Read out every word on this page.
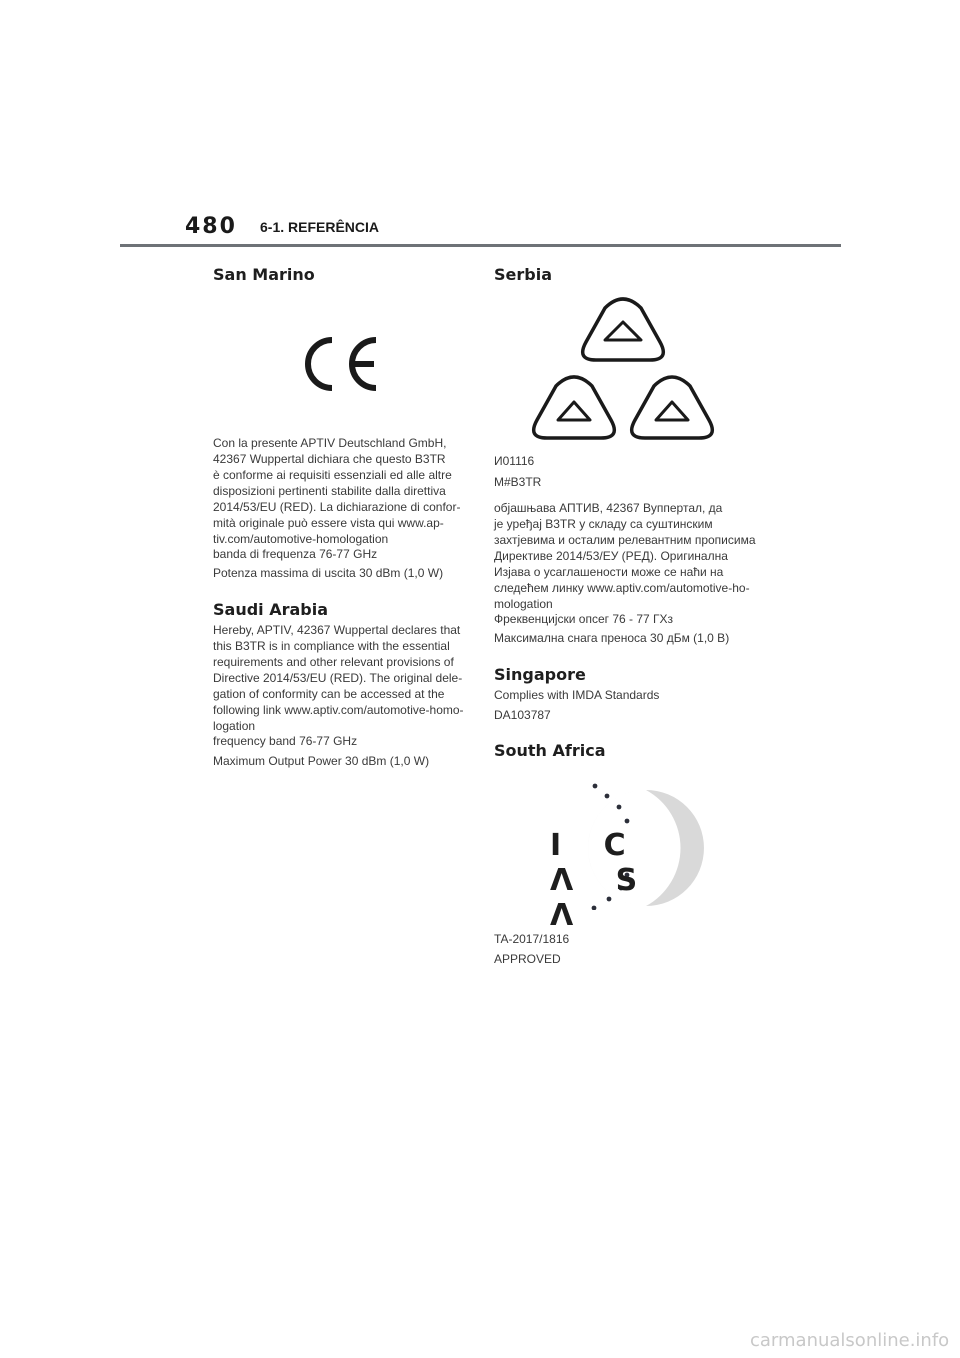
480 6-1. REFERÊNCIA
San Marino

Con la presente APTIV Deutschland GmbH,
42367 Wuppertal dichiara che questo B3TR
è conforme ai requisiti essenziali ed alle altre
disposizioni pertinenti stabilite dalla direttiva
2014/53/EU (RED). La dichiarazione di confor-
mità originale può essere vista qui www.ap-
tiv.com/automotive-homologation

banda di frequenza 76-77 GHz

Potenza massima di uscita 30 dBm (1,0 W)

Saudi Arabia

Hereby, APTIV, 42367 Wuppertal declares that
this B3TR is in compliance with the essential
requirements and other relevant provisions of
Directive 2014/53/EU (RED). The original dele-
gation of conformity can be accessed at the
following link www.aptiv.com/automotive-homo-
logation

frequency band 76-77 GHz

Maximum Output Power 30 dBm (1,0 W)

Serbia

И01116

M#B3TR

објашњава АПТИВ, 42367 Вуппертал, да
је уређај B3TR у складу са суштинским
захтјевима и осталим релевантним прописима
Директиве 2014/53/ЕУ (РЕД). Оригинална
Изјава о усаглашености може се наћи на
следећем линку www.aptiv.com/automotive-ho-
mologation

Фреквенцијски опсег 76 - 77 ГХз

Максимална снага преноса 30 дБм (1,0 В)

Singapore

Complies with IMDA Standards

DA103787

South Africa
I C Λ S Λ

TA-2017/1816

APPROVED

carmanualsonline.info
